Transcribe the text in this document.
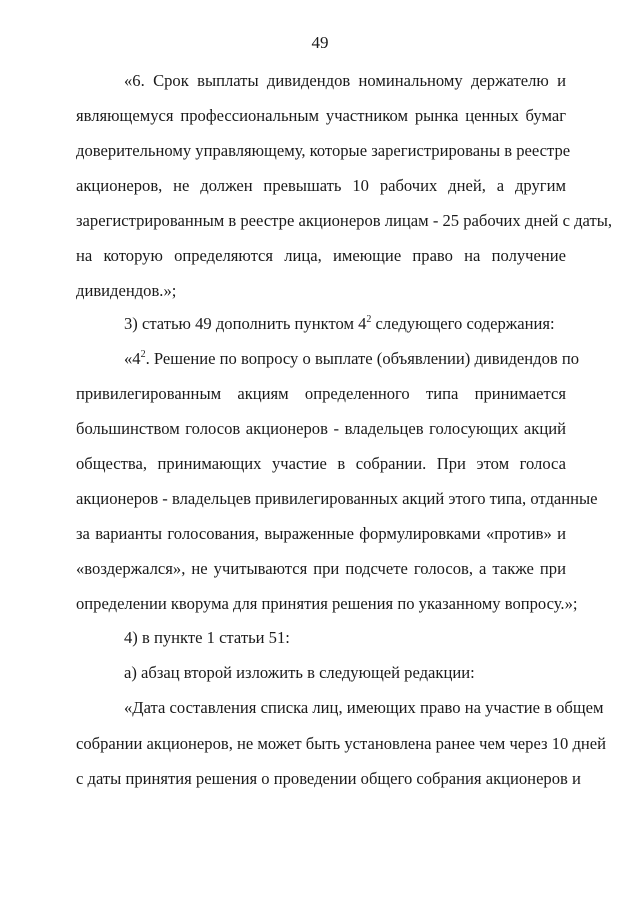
49
«6. Срок выплаты дивидендов номинальному держателю и
являющемуся профессиональным участником рынка ценных бумаг
доверительному управляющему, которые зарегистрированы в реестре
акционеров, не должен превышать 10 рабочих дней, а другим
зарегистрированным в реестре акционеров лицам - 25 рабочих дней с даты,
на которую определяются лица, имеющие право на получение
дивидендов.»;
3) статью 49 дополнить пунктом $4^2$ следующего содержания:
«$4^2$. Решение по вопросу о выплате (объявлении) дивидендов по
привилегированным акциям определенного типа принимается
большинством голосов акционеров - владельцев голосующих акций
общества, принимающих участие в собрании. При этом голоса
акционеров - владельцев привилегированных акций этого типа, отданные
за варианты голосования, выраженные формулировками «против» и
«воздержался», не учитываются при подсчете голосов, а также при
определении кворума для принятия решения по указанному вопросу.»;
4) в пункте 1 статьи 51:
а) абзац второй изложить в следующей редакции:
«Дата составления списка лиц, имеющих право на участие в общем
собрании акционеров, не может быть установлена ранее чем через 10 дней
с даты принятия решения о проведении общего собрания акционеров и
